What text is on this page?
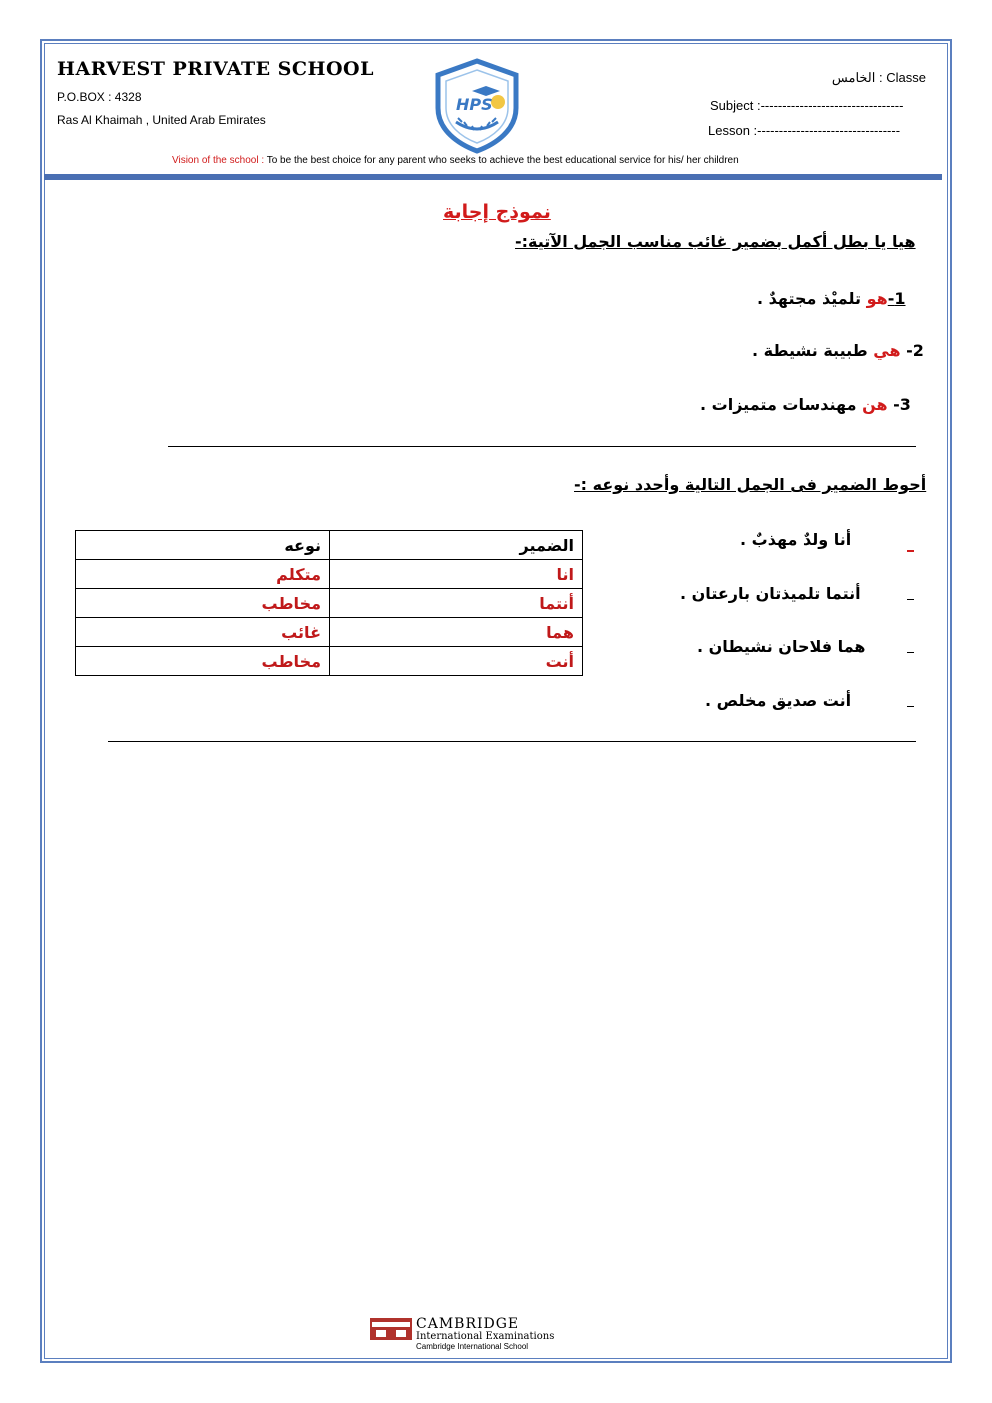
HARVEST PRIVATE SCHOOL
P.O.BOX : 4328
Ras Al Khaimah , United Arab Emirates
HPS
الخامس : Classe
Subject :---------------------------------
Lesson :---------------------------------
Vision of the school : To be the best choice for any parent who seeks to achieve the best educational service for his/ her children
نموذج إجابة
هيا يا بطل أكمل بضمير غائب مناسب الجمل الآتية:-
1-هو تلميْذ مجتهدٌ .
2- هي طبيبة نشيطة .
3- هن مهندسات متميزات .
أحوط الضمير فى الجمل التالية وأحدد نوعه :-
الضمير	نوعه
انا	متكلم
أنتما	مخاطب
هما	غائب
أنت	مخاطب
أنا ولدٌ مهذبٌ .
أنتما تلميذتان بارعتان .
هما فلاحان نشيطان .
أنت صديق مخلص .
CAMBRIDGE
International Examinations
Cambridge International School
